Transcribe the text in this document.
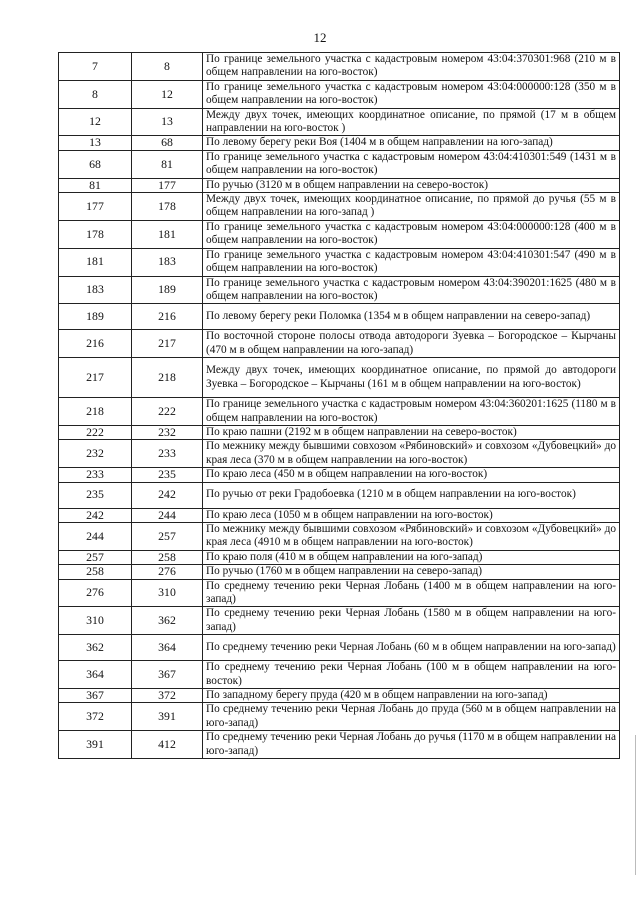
12
7	8	По границе земельного участка с кадастровым номером 43:04:370301:968 (210 м в общем направлении на юго-восток)
8	12	По границе земельного участка с кадастровым номером 43:04:000000:128 (350 м в общем направлении на юго-восток)
12	13	Между двух точек, имеющих координатное описание, по прямой (17 м в общем направлении на юго-восток )
13	68	По левому берегу реки Воя (1404 м в общем направлении на юго-запад)
68	81	По границе земельного участка с кадастровым номером 43:04:410301:549 (1431 м в общем направлении на юго-восток)
81	177	По ручью (3120 м в общем направлении на северо-восток)
177	178	Между двух точек, имеющих координатное описание, по прямой до ручья (55 м в общем направлении на юго-запад )
178	181	По границе земельного участка с кадастровым номером 43:04:000000:128 (400 м в общем направлении на юго-восток)
181	183	По границе земельного участка с кадастровым номером 43:04:410301:547 (490 м в общем направлении на юго-восток)
183	189	По границе земельного участка с кадастровым номером 43:04:390201:1625 (480 м в общем направлении на юго-восток)
189	216	По левому берегу реки Поломка (1354 м в общем направлении на северо-запад)
216	217	По восточной стороне полосы отвода автодороги Зуевка – Богородское – Кырчаны (470 м в общем направлении на юго-запад)
217	218	Между двух точек, имеющих координатное описание, по прямой до автодороги Зуевка – Богородское – Кырчаны (161 м в общем направлении на юго-восток)
218	222	По границе земельного участка с кадастровым номером 43:04:360201:1625 (1180 м в общем направлении на юго-восток)
222	232	По краю пашни (2192 м в общем направлении на северо-восток)
232	233	По межнику между бывшими совхозом «Рябиновский» и совхозом «Дубовецкий» до края леса (370 м в общем направлении на юго-восток)
233	235	По краю леса (450 м в общем направлении на юго-восток)
235	242	По ручью от реки Градобоевка (1210 м в общем направлении на юго-восток)
242	244	По краю леса (1050 м в общем направлении на юго-восток)
244	257	По межнику между бывшими совхозом «Рябиновский» и совхозом «Дубовецкий» до края леса (4910 м в общем направлении на юго-восток)
257	258	По краю поля (410 м в общем направлении на юго-запад)
258	276	По ручью (1760 м в общем направлении на северо-запад)
276	310	По среднему течению реки Черная Лобань (1400 м в общем направлении на юго-запад)
310	362	По среднему течению реки Черная Лобань (1580 м в общем направлении на юго-запад)
362	364	По среднему течению реки Черная Лобань (60 м в общем направлении на юго-запад)
364	367	По среднему течению реки Черная Лобань (100 м в общем направлении на юго-восток)
367	372	По западному берегу пруда (420 м в общем направлении на юго-запад)
372	391	По среднему течению реки Черная Лобань до пруда (560 м в общем направлении на юго-запад)
391	412	По среднему течению реки Черная Лобань до ручья (1170 м в общем направлении на юго-запад)
